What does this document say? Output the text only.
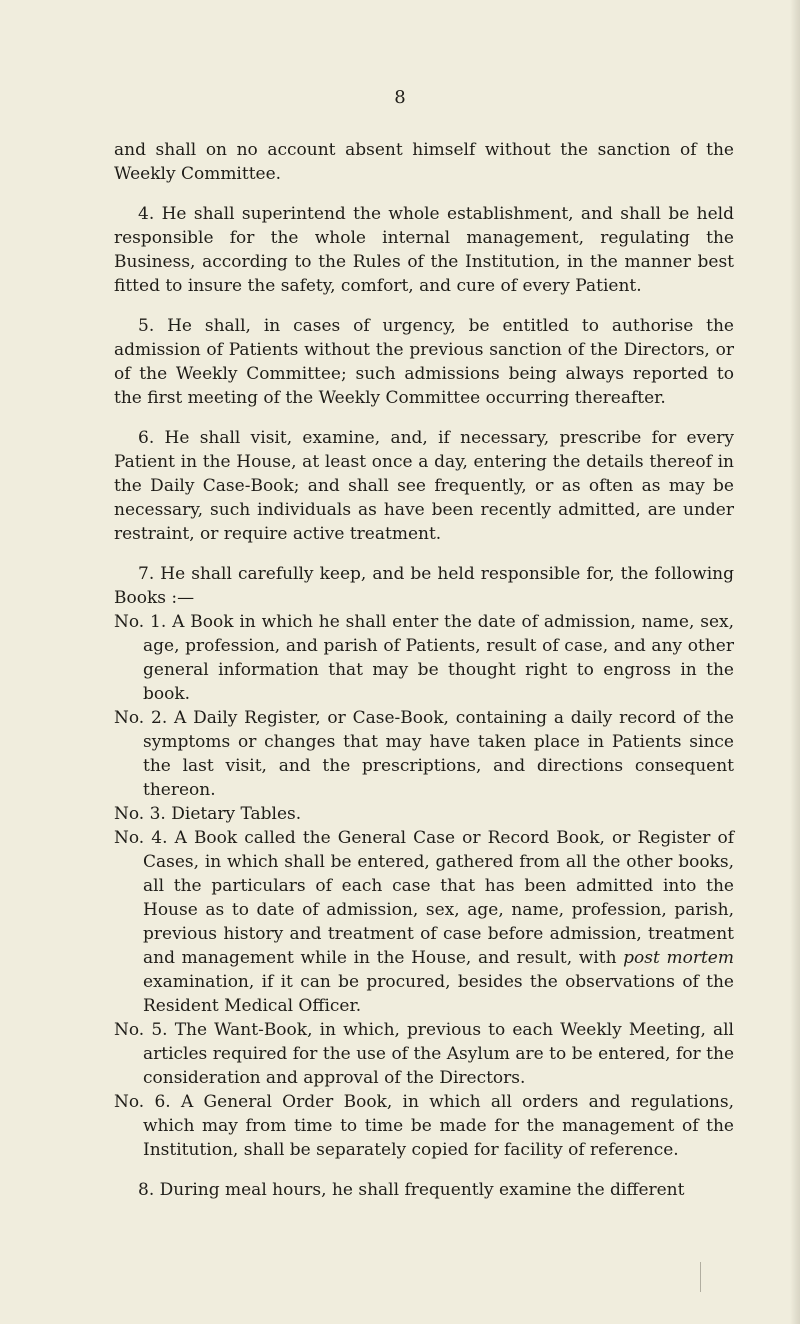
8

and shall on no account absent himself without the sanction of the Weekly Committee.

4. He shall superintend the whole establishment, and shall be held responsible for the whole internal management, regulating the Business, according to the Rules of the Institution, in the manner best fitted to insure the safety, comfort, and cure of every Patient.

5. He shall, in cases of urgency, be entitled to authorise the admission of Patients without the previous sanction of the Directors, or of the Weekly Committee; such admissions being always reported to the first meeting of the Weekly Committee occurring thereafter.

6. He shall visit, examine, and, if necessary, prescribe for every Patient in the House, at least once a day, entering the details thereof in the Daily Case-Book; and shall see frequently, or as often as may be necessary, such individuals as have been recently admitted, are under restraint, or require active treatment.

7. He shall carefully keep, and be held responsible for, the following Books :—

No. 1. A Book in which he shall enter the date of admission, name, sex, age, profession, and parish of Patients, result of case, and any other general information that may be thought right to engross in the book.

No. 2. A Daily Register, or Case-Book, containing a daily record of the symptoms or changes that may have taken place in Patients since the last visit, and the prescriptions, and directions consequent thereon.

No. 3. Dietary Tables.

No. 4. A Book called the General Case or Record Book, or Register of Cases, in which shall be entered, gathered from all the other books, all the particulars of each case that has been admitted into the House as to date of admission, sex, age, name, profession, parish, previous history and treatment of case before admission, treatment and management while in the House, and result, with post mortem examination, if it can be procured, besides the observations of the Resident Medical Officer.

No. 5. The Want-Book, in which, previous to each Weekly Meeting, all articles required for the use of the Asylum are to be entered, for the consideration and approval of the Directors.

No. 6. A General Order Book, in which all orders and regulations, which may from time to time be made for the management of the Institution, shall be separately copied for facility of reference.

8. During meal hours, he shall frequently examine the different
